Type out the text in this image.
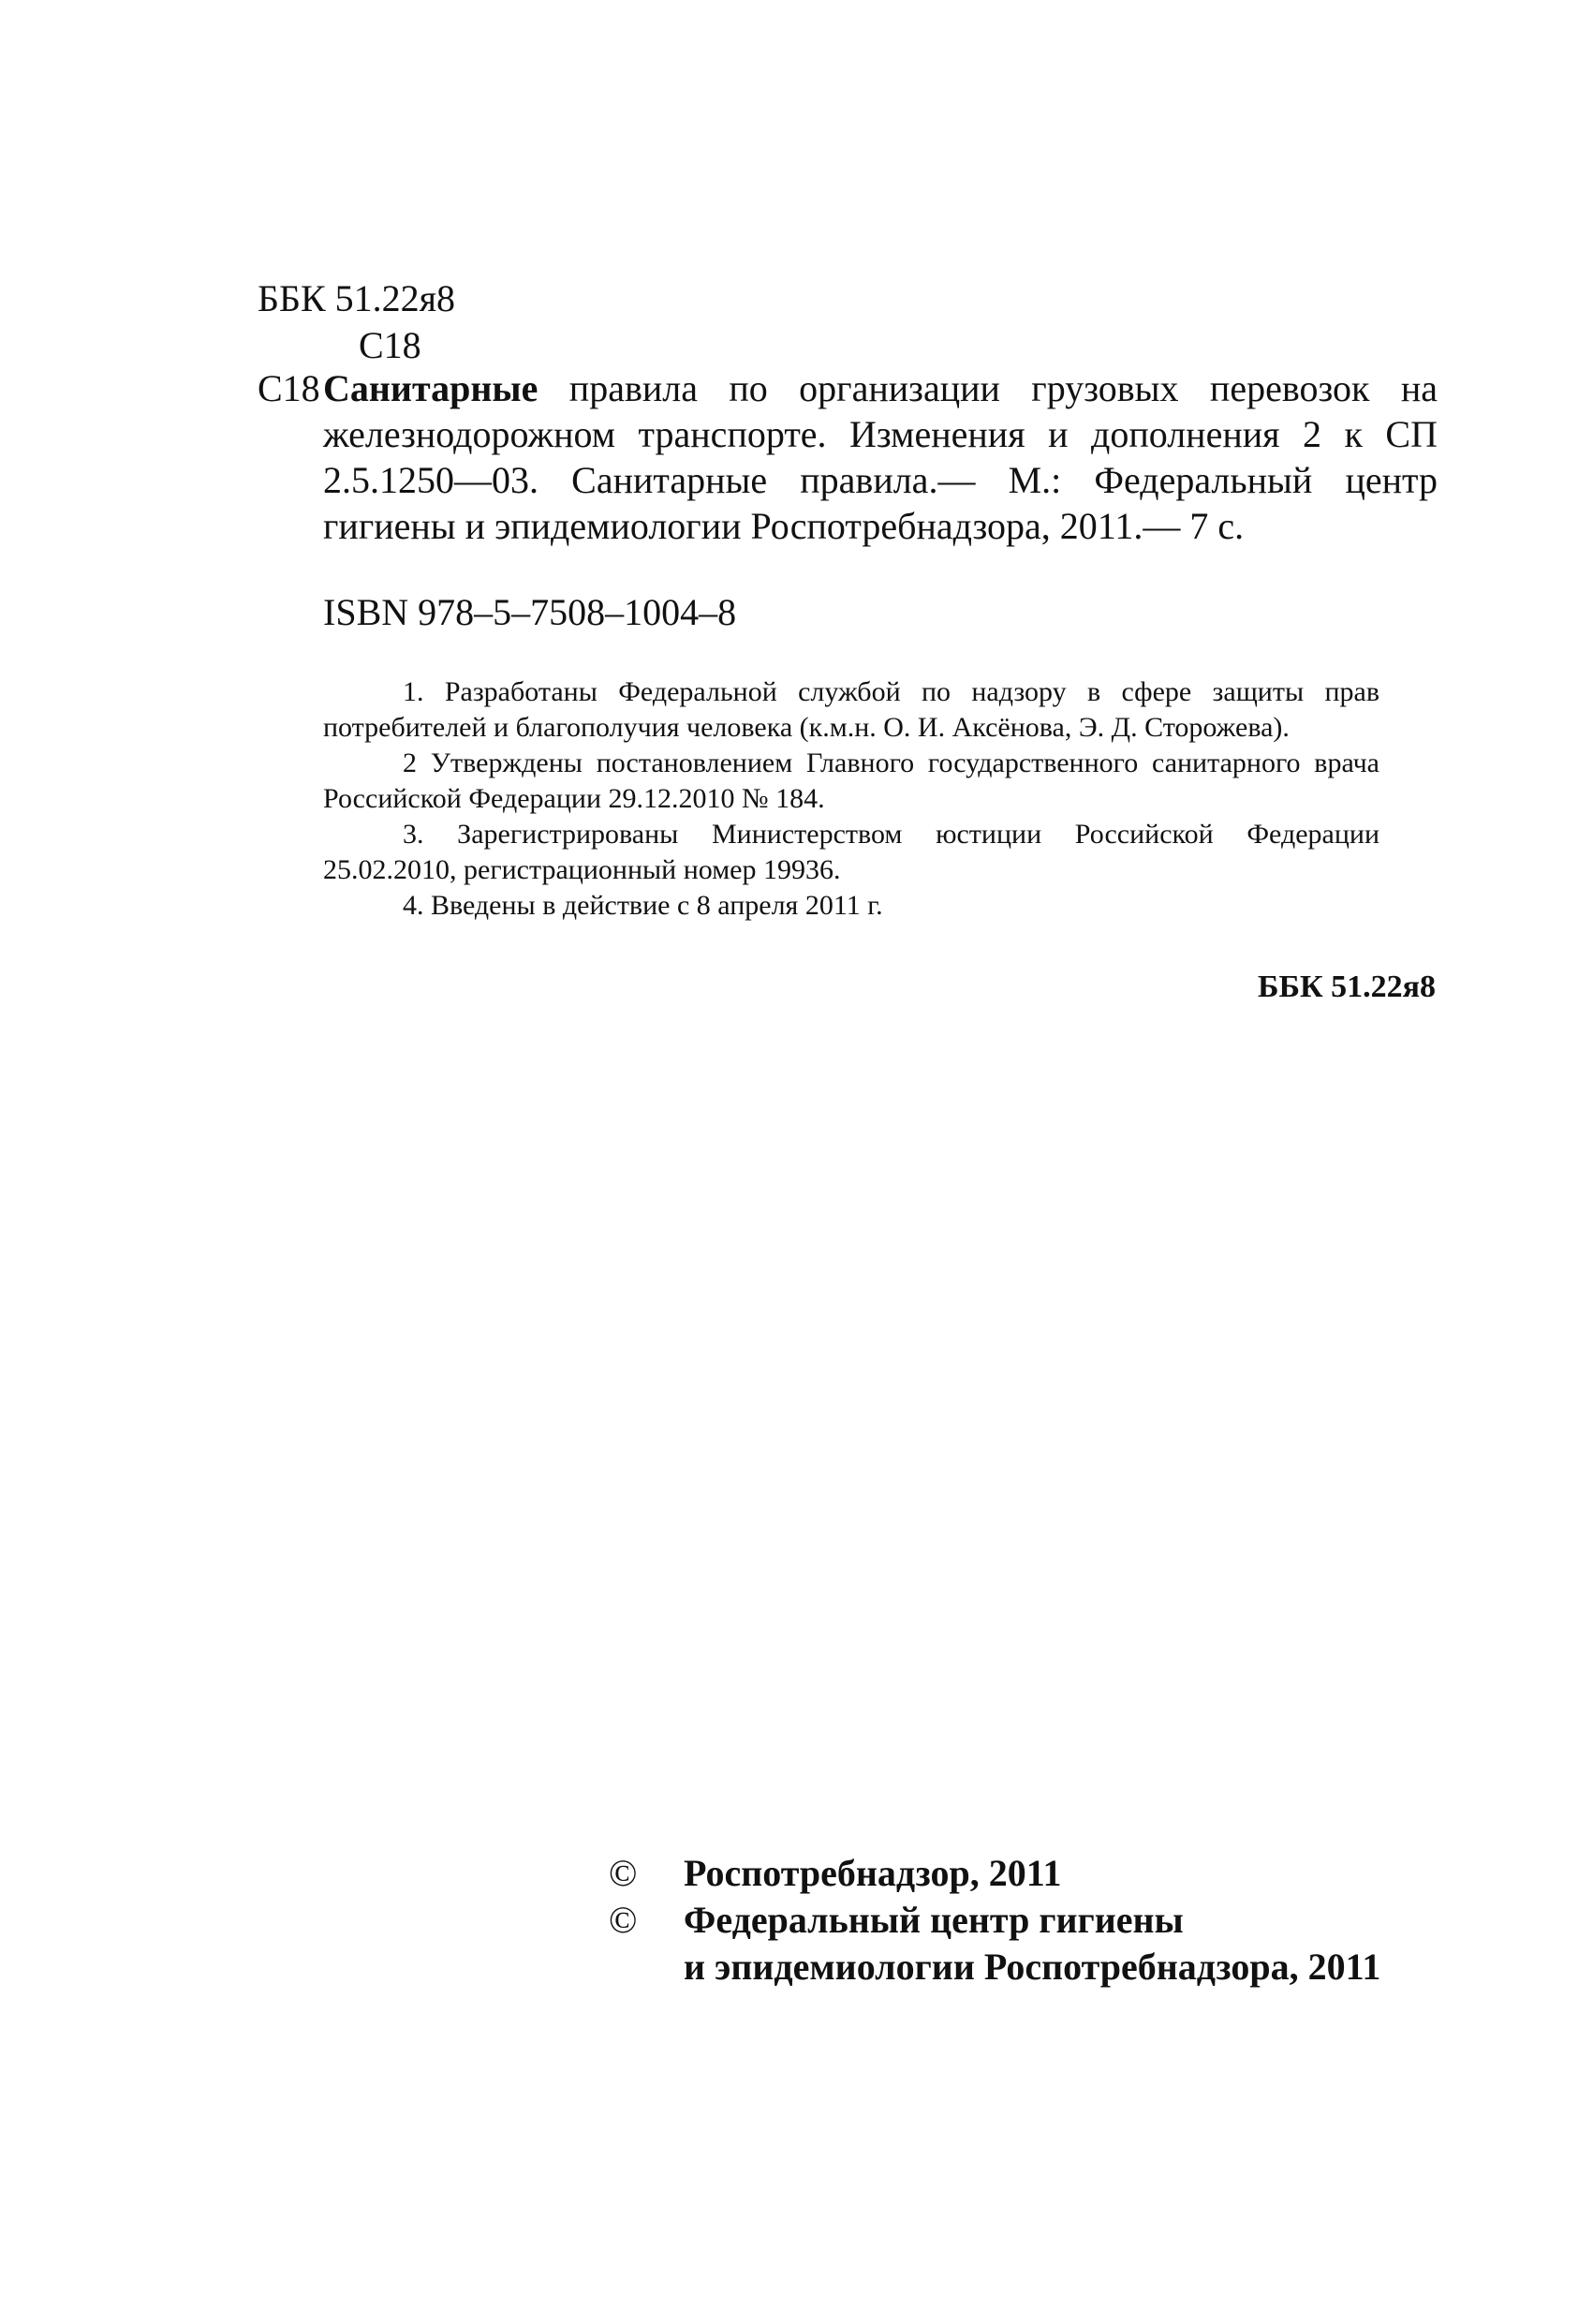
ББК 51.22я8
С18
С18 Санитарные правила по организации грузовых перевозок на железнодорожном транспорте. Изменения и дополнения 2 к СП 2.5.1250—03. Санитарные правила.— М.: Федеральный центр гигиены и эпидемиологии Роспотребнадзора, 2011.— 7 с.
ISBN 978–5–7508–1004–8

1. Разработаны Федеральной службой по надзору в сфере защиты прав потребителей и благополучия человека (к.м.н. О. И. Аксёнова, Э. Д. Сторожева).

2 Утверждены постановлением Главного государственного санитарного врача Российской Федерации 29.12.2010 № 184.

3. Зарегистрированы Министерством юстиции Российской Федерации 25.02.2010, регистрационный номер 19936.

4. Введены в действие с 8 апреля 2011 г.

ББК 51.22я8
© Роспотребнадзор, 2011
© Федеральный центр гигиены
и эпидемиологии Роспотребнадзора, 2011
